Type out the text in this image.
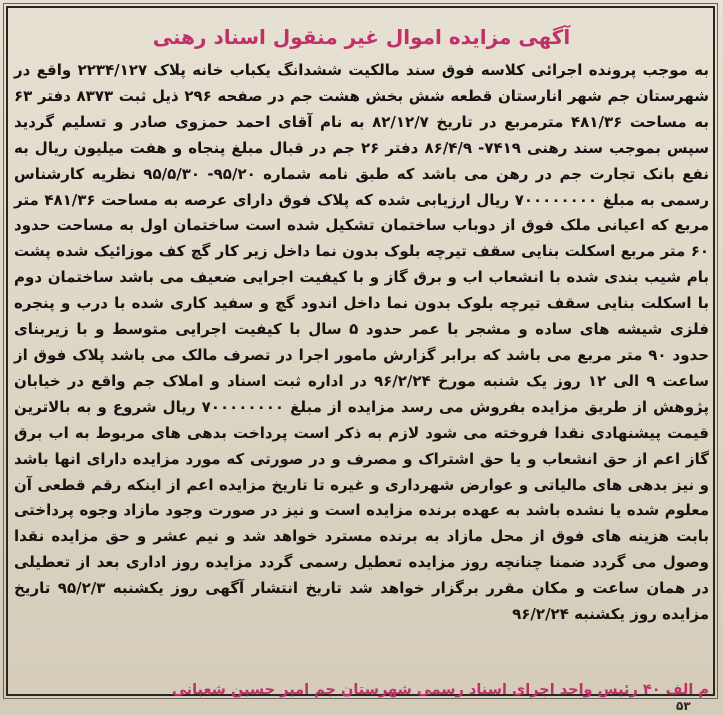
آگهی مزایده اموال غیر منقول اسناد رهنی
به موجب پرونده اجرائی کلاسه فوق سند مالکیت ششدانگ یکباب خانه پلاک ۲۲۳۴/۱۲۷ واقع در شهرستان جم شهر انارستان قطعه شش بخش هشت جم در صفحه ۲۹۶ ذیل ثبت ۸۳۷۳ دفتر ۶۳ به مساحت ۴۸۱/۳۶ مترمربع در تاریخ ۸۲/۱۲/۷ به نام آقای احمد حمزوی صادر و تسلیم گردید سپس بموجب سند رهنی ۷۴۱۹- ۸۶/۴/۹ دفتر ۲۶ جم در قبال مبلغ پنجاه و هفت میلیون ریال به نفع بانک تجارت جم در رهن می باشد که طبق نامه شماره ۹۵/۲۰- ۹۵/۵/۳۰ نظریه کارشناس رسمی به مبلغ ۷۰۰۰۰۰۰۰۰ ریال ارزیابی شده که پلاک فوق دارای عرصه به مساحت ۴۸۱/۳۶ متر مربع که اعیانی ملک فوق از دوباب ساختمان تشکیل شده است ساختمان اول به مساحت حدود ۶۰ متر مربع اسکلت بنایی سقف تیرچه بلوک بدون نما داخل زیر کار گچ کف موزائیک شده پشت بام شیب بندی شده با انشعاب اب و برق گاز و با کیفیت اجرایی ضعیف می باشد ساختمان دوم با اسکلت بنایی سقف تیرچه بلوک بدون نما داخل اندود گچ و سفید کاری شده با درب و پنجره فلزی شیشه های ساده و مشجر با عمر حدود ۵ سال با کیفیت اجرایی متوسط و با زیربنای حدود ۹۰ متر مربع می باشد که برابر گزارش مامور اجرا در تصرف مالک می باشد پلاک فوق از ساعت ۹ الی ۱۲ روز یک شنبه مورخ ۹۶/۲/۲۴ در اداره ثبت اسناد و املاک جم واقع در خیابان پژوهش از طریق مزایده بفروش می رسد مزایده از مبلغ ۷۰۰۰۰۰۰۰۰ ریال شروع و به بالاترین قیمت پیشنهادی نقدا فروخته می شود لازم به ذکر است پرداخت بدهی های مربوط به اب برق گاز اعم از حق انشعاب و یا حق اشتراک و مصرف و در صورتی که مورد مزایده دارای انها باشد و نیز بدهی های مالیاتی و عوارض شهرداری و غیره تا تاریخ مزایده اعم از اینکه رقم قطعی آن معلوم شده یا نشده باشد به عهده برنده مزایده است و نیز در صورت وجود مازاد وجوه پرداختی بابت هزینه های فوق از محل مازاد به برنده مسترد خواهد شد و نیم عشر و حق مزایده نقدا وصول می گردد ضمنا چنانچه روز مزایده تعطیل رسمی گردد مزایده روز اداری بعد از تعطیلی در همان ساعت و مکان مقرر برگزار خواهد شد تاریخ انتشار آگهی روز یکشنبه ۹۵/۲/۳ تاریخ مزایده روز یکشنبه ۹۶/۲/۲۴
م الف ۴۰ رئیس واحد اجرای اسناد رسمی شهرستان جم امیر حسین شعبانی
۵۳
